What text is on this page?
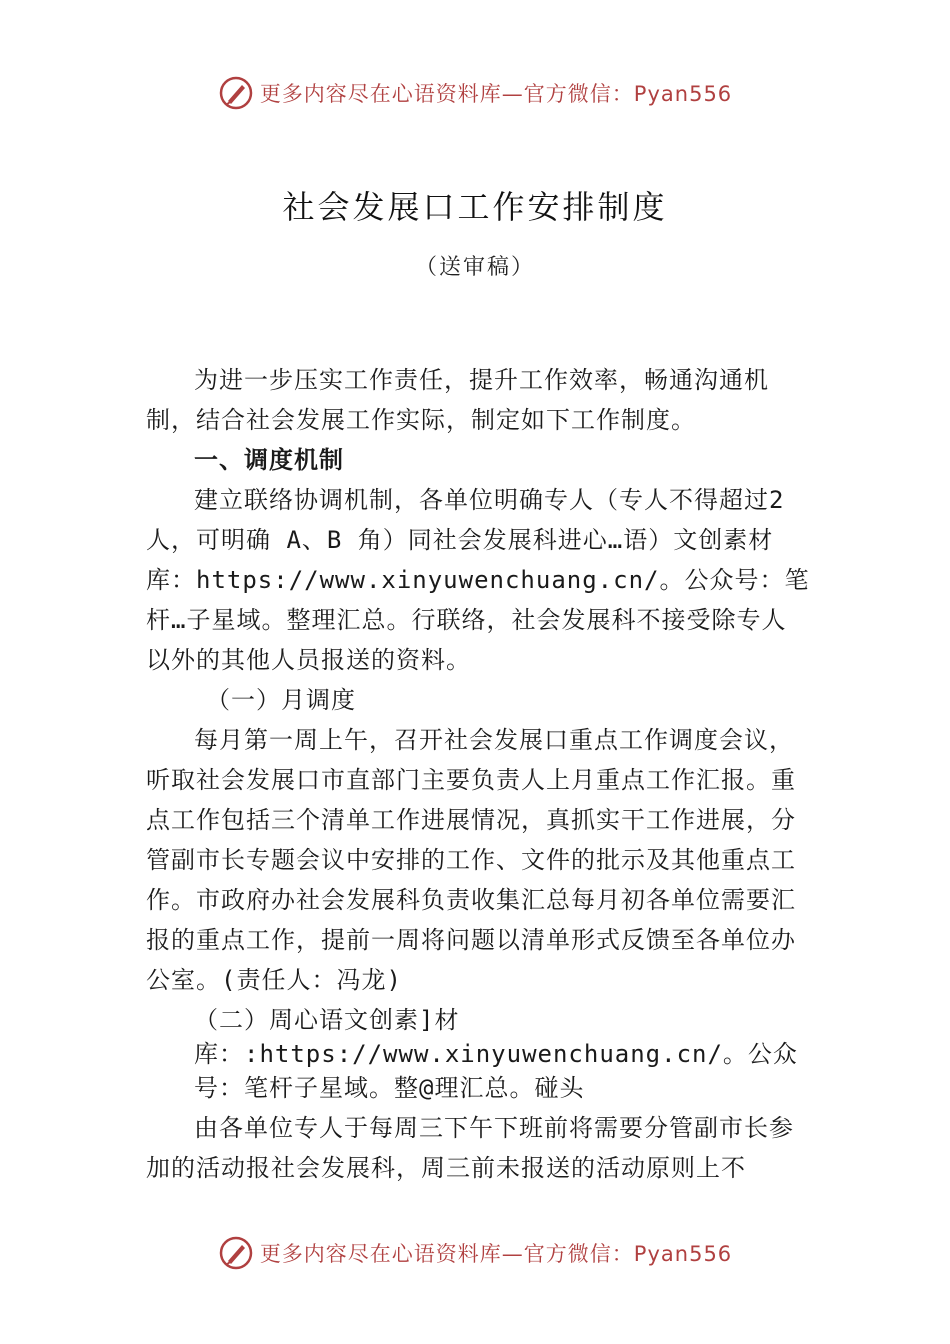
更多内容尽在心语资料库—官方微信：Pyan556
社会发展口工作安排制度
（送审稿）

为进一步压实工作责任，提升工作效率，畅通沟通机制，结合社会发展工作实际，制定如下工作制度。

一、调度机制

建立联络协调机制，各单位明确专人（专人不得超过2 人，可明确 A、B 角）同社会发展科进心…语）文创素材库：https://www.xinyuwenchuang.cn/。公众号：笔杆…子星域。整理汇总。行联络，社会发展科不接受除专人以外的其他人员报送的资料。

（一）月调度

每月第一周上午，召开社会发展口重点工作调度会议，听取社会发展口市直部门主要负责人上月重点工作汇报。重点工作包括三个清单工作进展情况，真抓实干工作进展，分管副市长专题会议中安排的工作、文件的批示及其他重点工作。市政府办社会发展科负责收集汇总每月初各单位需要汇报的重点工作，提前一周将问题以清单形式反馈至各单位办公室。(责任人：冯龙)

（二）周心语文创素]材库：:https://www.xinyuwenchuang.cn/。公众号：笔杆子星域。整@理汇总。碰头

由各单位专人于每周三下午下班前将需要分管副市长参加的活动报社会发展科，周三前未报送的活动原则上不

更多内容尽在心语资料库—官方微信：Pyan556
